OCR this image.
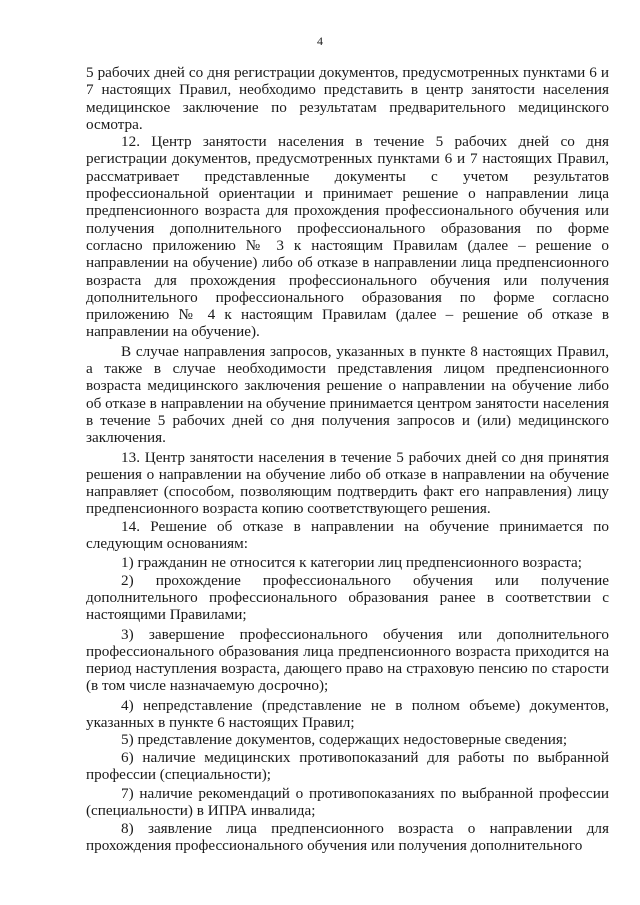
4

5 рабочих дней со дня регистрации документов, предусмотренных пунктами 6 и 7 настоящих Правил, необходимо представить в центр занятости населения медицинское заключение по результатам предварительного медицинского осмотра.

12. Центр занятости населения в течение 5 рабочих дней со дня регистрации документов, предусмотренных пунктами 6 и 7 настоящих Правил, рассматривает представленные документы с учетом результатов профессиональной ориентации и принимает решение о направлении лица предпенсионного возраста для прохождения профессионального обучения или получения дополнительного профессионального образования по форме согласно приложению № 3 к настоящим Правилам (далее – решение о направлении на обучение) либо об отказе в направлении лица предпенсионного возраста для прохождения профессионального обучения или получения дополнительного профессионального образования по форме согласно приложению № 4 к настоящим Правилам (далее – решение об отказе в направлении на обучение).

В случае направления запросов, указанных в пункте 8 настоящих Правил, а также в случае необходимости представления лицом предпенсионного возраста медицинского заключения решение о направлении на обучение либо об отказе в направлении на обучение принимается центром занятости населения в течение 5 рабочих дней со дня получения запросов и (или) медицинского заключения.

13. Центр занятости населения в течение 5 рабочих дней со дня принятия решения о направлении на обучение либо об отказе в направлении на обучение направляет (способом, позволяющим подтвердить факт его направления) лицу предпенсионного возраста копию соответствующего решения.

14. Решение об отказе в направлении на обучение принимается по следующим основаниям:

1) гражданин не относится к категории лиц предпенсионного возраста;

2) прохождение профессионального обучения или получение дополнительного профессионального образования ранее в соответствии с настоящими Правилами;

3) завершение профессионального обучения или дополнительного профессионального образования лица предпенсионного возраста приходится на период наступления возраста, дающего право на страховую пенсию по старости (в том числе назначаемую досрочно);

4) непредставление (представление не в полном объеме) документов, указанных в пункте 6 настоящих Правил;

5) представление документов, содержащих недостоверные сведения;

6) наличие медицинских противопоказаний для работы по выбранной профессии (специальности);

7) наличие рекомендаций о противопоказаниях по выбранной профессии (специальности) в ИПРА инвалида;

8) заявление лица предпенсионного возраста о направлении для прохождения профессионального обучения или получения дополнительного
